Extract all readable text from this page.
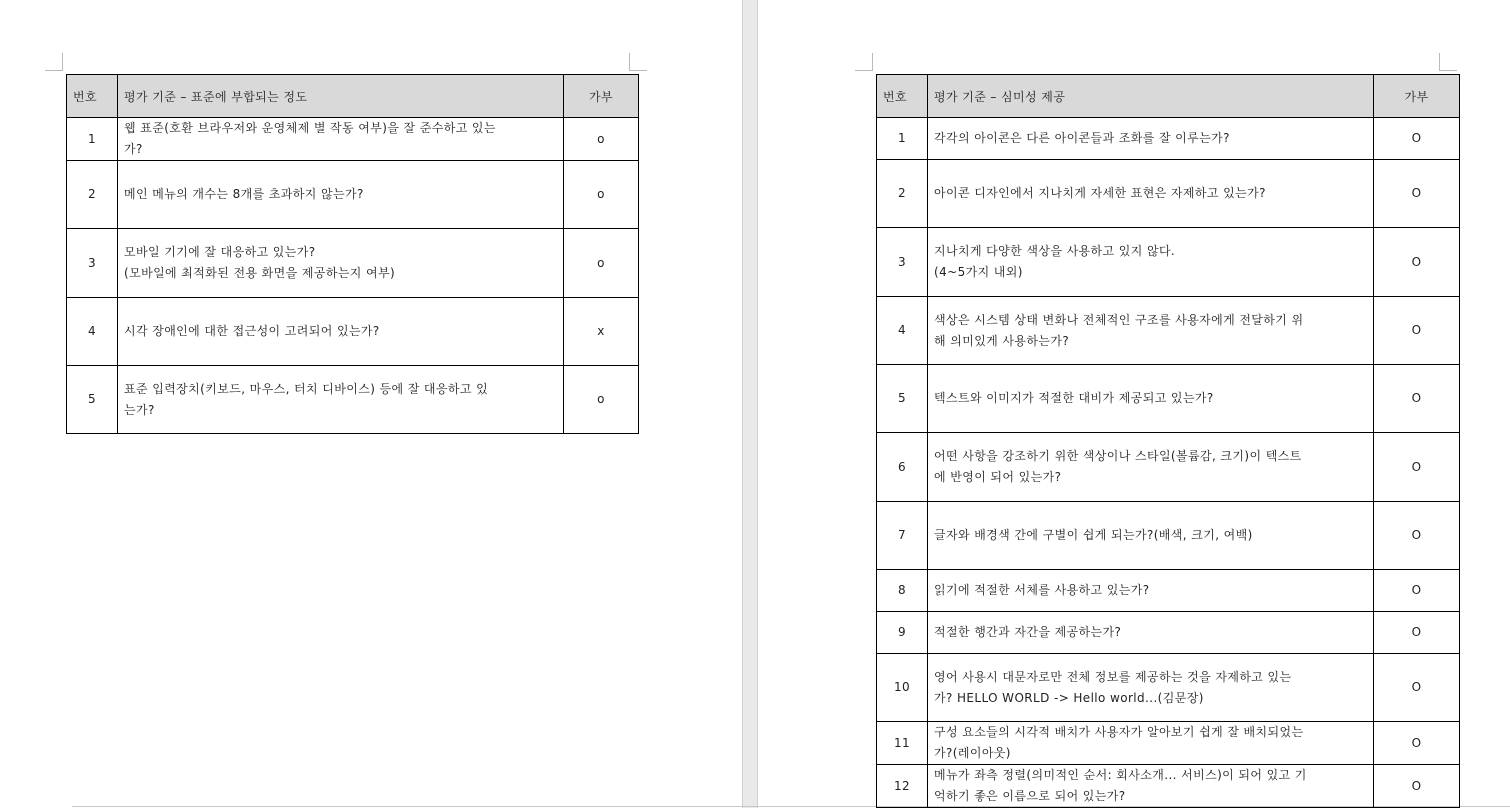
번호	평가 기준 – 표준에 부합되는 정도	가부
1	웹 표준(호환 브라우저와 운영체제 별 작동 여부)을 잘 준수하고 있는
가?	o
2	메인 메뉴의 개수는 8개를 초과하지 않는가?	o
3	모바일 기기에 잘 대응하고 있는가?
(모바일에 최적화된 전용 화면을 제공하는지 여부)	o
4	시각 장애인에 대한 접근성이 고려되어 있는가?	x
5	표준 입력장치(키보드, 마우스, 터치 디바이스) 등에 잘 대응하고 있
는가?	o
번호	평가 기준 – 심미성 제공	가부
1	각각의 아이콘은 다른 아이콘들과 조화를 잘 이루는가?	O
2	아이콘 디자인에서 지나치게 자세한 표현은 자제하고 있는가?	O
3	지나치게 다양한 색상을 사용하고 있지 않다.
(4~5가지 내외)	O
4	색상은 시스템 상태 변화나 전체적인 구조를 사용자에게 전달하기 위
해 의미있게 사용하는가?	O
5	텍스트와 이미지가 적절한 대비가 제공되고 있는가?	O
6	어떤 사항을 강조하기 위한 색상이나 스타일(볼륨감, 크기)이 텍스트
에 반영이 되어 있는가?	O
7	글자와 배경색 간에 구별이 쉽게 되는가?(배색, 크기, 여백)	O
8	읽기에 적절한 서체를 사용하고 있는가?	O
9	적절한 행간과 자간을 제공하는가?	O
10	영어 사용시 대문자로만 전체 정보를 제공하는 것을 자제하고 있는
가? HELLO WORLD -> Hello world...(김문장)	O
11	구성 요소들의 시각적 배치가 사용자가 알아보기 쉽게 잘 배치되었는
가?(레이아웃)	O
12	메뉴가 좌측 정렬(의미적인 순서: 회사소개... 서비스)이 되어 있고 기
억하기 좋은 이름으로 되어 있는가?	O
